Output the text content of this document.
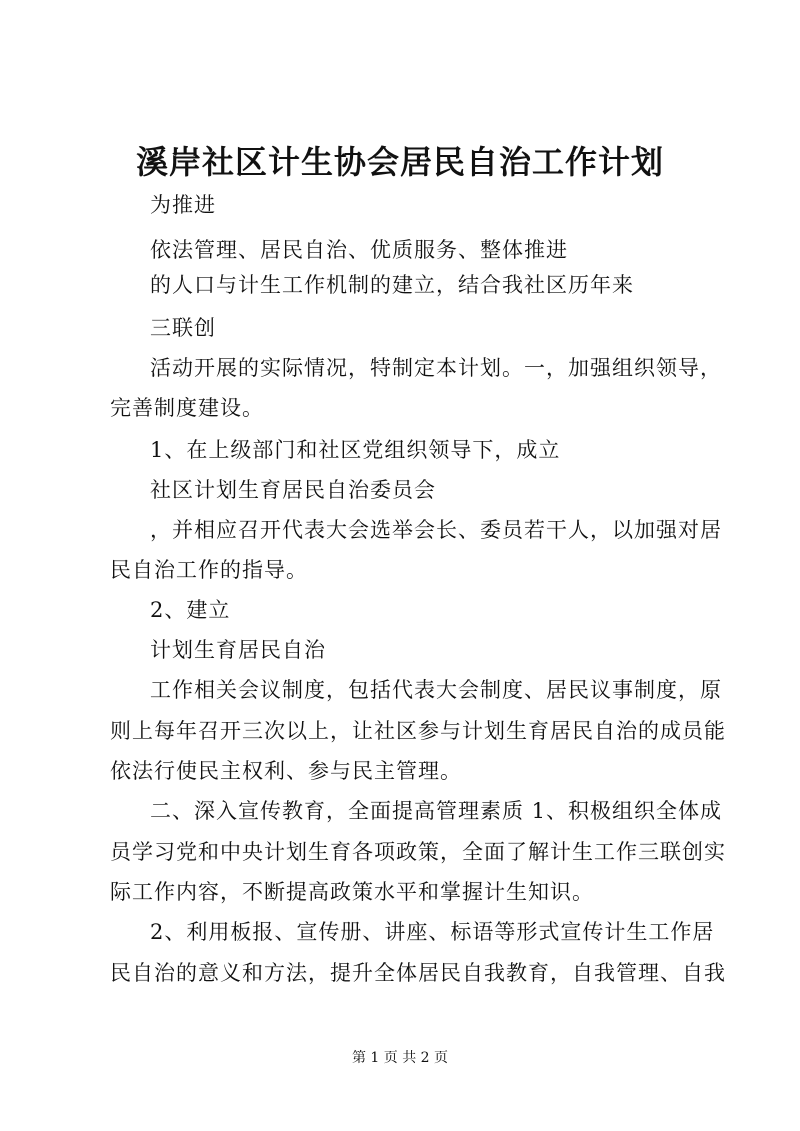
溪岸社区计生协会居民自治工作计划
为推进
依法管理、居民自治、优质服务、整体推进
的人口与计生工作机制的建立，结合我社区历年来
三联创
活动开展的实际情况，特制定本计划。一，加强组织领导，
完善制度建设。
1、在上级部门和社区党组织领导下，成立
社区计划生育居民自治委员会
，并相应召开代表大会选举会长、委员若干人，以加强对居
民自治工作的指导。
2、建立
计划生育居民自治
工作相关会议制度，包括代表大会制度、居民议事制度，原
则上每年召开三次以上，让社区参与计划生育居民自治的成员能
依法行使民主权利、参与民主管理。
二、深入宣传教育，全面提高管理素质 1、积极组织全体成
员学习党和中央计划生育各项政策，全面了解计生工作三联创实
际工作内容，不断提高政策水平和掌握计生知识。
2、利用板报、宣传册、讲座、标语等形式宣传计生工作居
民自治的意义和方法，提升全体居民自我教育，自我管理、自我
第 1 页 共 2 页
